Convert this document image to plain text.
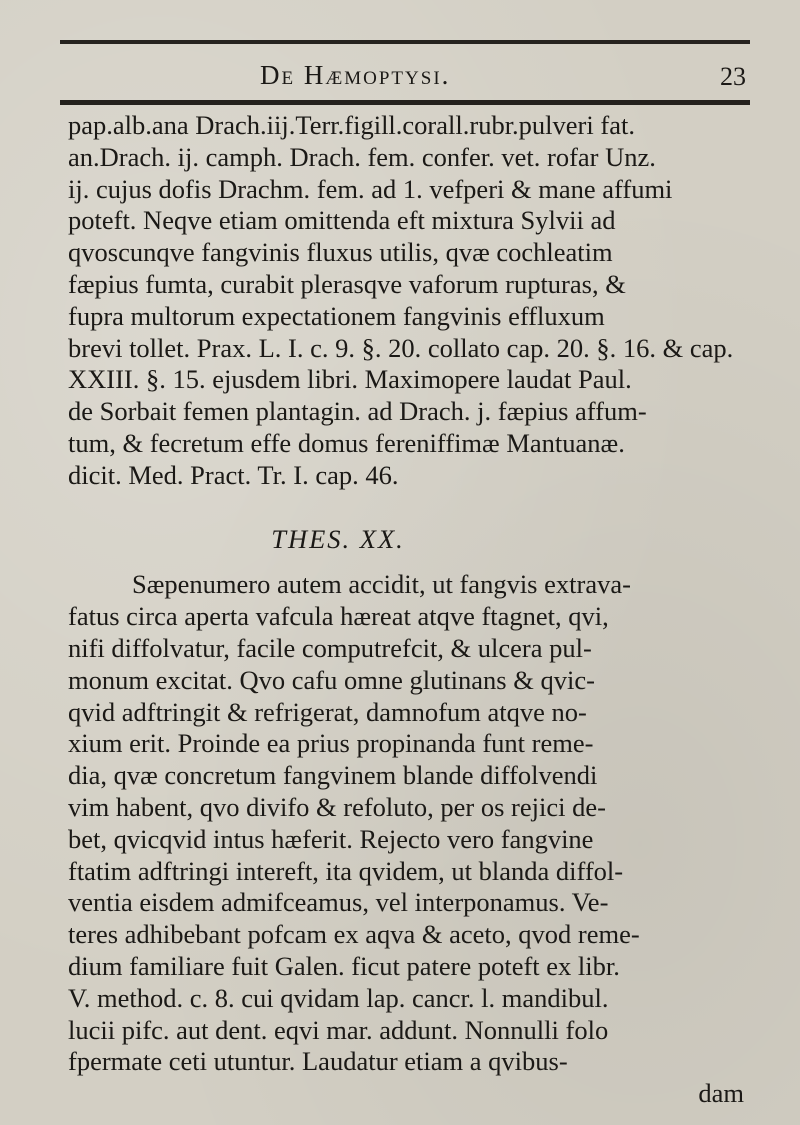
De Hæmoptysi.	23
pap.alb.ana Drach.iij.Terr.figill.corall.rubr.pulveri fat.
an.Drach. ij. camph. Drach. fem. confer. vet. rofar Unz.
ij. cujus dofis Drachm. fem. ad 1. vefperi & mane affumi
poteft. Neqve etiam omittenda eft mixtura Sylvii ad
qvoscunqve fangvinis fluxus utilis, qvæ cochleatim
fæpius fumta, curabit plerasqve vaforum rupturas, &
fupra multorum expectationem fangvinis effluxum
brevi tollet. Prax. L. I. c. 9. §. 20. collato cap. 20. §. 16. & cap.
XXIII. §. 15. ejusdem libri. Maximopere laudat Paul.
de Sorbait femen plantagin. ad Drach. j. fæpius affum-
tum, & fecretum effe domus fereniffimæ Mantuanæ.
dicit. Med. Pract. Tr. I. cap. 46.
THES. XX.
Sæpenumero autem accidit, ut fangvis extrava-
fatus circa aperta vafcula hæreat atqve ftagnet, qvi,
nifi diffolvatur, facile computrefcit, & ulcera pul-
monum excitat. Qvo cafu omne glutinans & qvic-
qvid adftringit & refrigerat, damnofum atqve no-
xium erit. Proinde ea prius propinanda funt reme-
dia, qvæ concretum fangvinem blande diffolvendi
vim habent, qvo divifo & refoluto, per os rejici de-
bet, qvicqvid intus hæferit. Rejecto vero fangvine
ftatim adftringi intereft, ita qvidem, ut blanda diffol-
ventia eisdem admifceamus, vel interponamus. Ve-
teres adhibebant pofcam ex aqva & aceto, qvod reme-
dium familiare fuit Galen. ficut patere poteft ex libr.
V. method. c. 8. cui qvidam lap. cancr. l. mandibul.
lucii pifc. aut dent. eqvi mar. addunt. Nonnulli folo
fpermate ceti utuntur. Laudatur etiam a qvibus-
dam
